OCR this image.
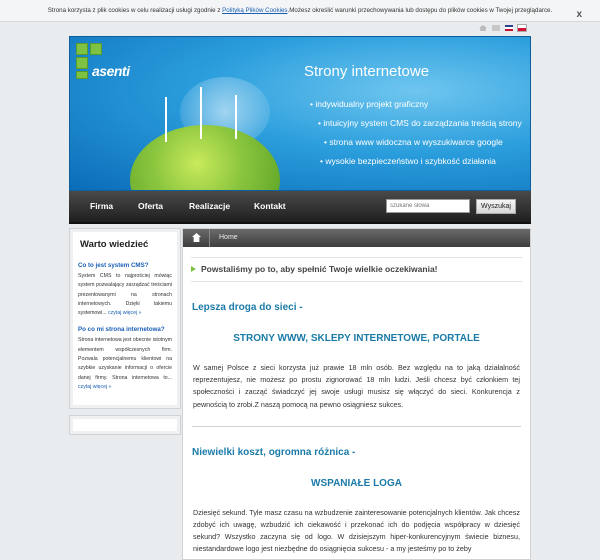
Strona korzysta z plik cookies w celu realizacji usługi zgodnie z Polityką Plików Cookies.Możesz określić warunki przechowywania lub dostępu do plików cookies w Twojej przeglądarce. x
asenti	Strony internetowe
• indywidualny projekt graficzny
• intuicyjny system CMS do zarządzania treścią strony
• strona www widoczna w wyszukiwarce google
• wysokie bezpieczeństwo i szybkość działania
Firma	Oferta	Realizacje	Kontakt
szukane słowa	Wyszukaj
Warto wiedzieć
Co to jest system CMS?
System CMS to najprościej mówiąc system pozwalający zarządzać treściami prezentowanymi na stronach internetowych. Dzięki takiemu systemowi... czytaj więcej »
Po co mi strona internetowa?
Strona internetowa jest obecnie istotnym elementem współczesnych firm. Pozwala potencjalnemu klientowi na szybkie uzyskanie informacji o ofercie danej firmy. Strona internetowa to... czytaj więcej »
Home
Powstaliśmy po to, aby spełnić Twoje wielkie oczekiwania!
Lepsza droga do sieci -
STRONY WWW, SKLEPY INTERNETOWE, PORTALE
W samej Polsce z sieci korzysta już prawie 18 mln osób. Bez względu na to jaką działalność reprezentujesz, nie możesz po prostu zignorować 18 mln ludzi. Jeśli chcesz być członkiem tej społeczności i zacząć świadczyć jej swoje usługi musisz się włączyć do sieci. Konkurencja z pewnością to zrobi.Z naszą pomocą na pewno osiągniesz sukces.
Niewielki koszt, ogromna różnica -
WSPANIAŁE LOGA
Dziesięć sekund. Tyle masz czasu na wzbudzenie zainteresowanie potencjalnych klientów. Jak chcesz zdobyć ich uwagę, wzbudzić ich ciekawość i przekonać ich do podjęcia współpracy w dziesięć sekund? Wszystko zaczyna się od logo. W dzisiejszym hiper-konkurencyjnym świecie biznesu, niestandardowe logo jest niezbędne do osiągnięcia sukcesu - a my jesteśmy po to żeby
